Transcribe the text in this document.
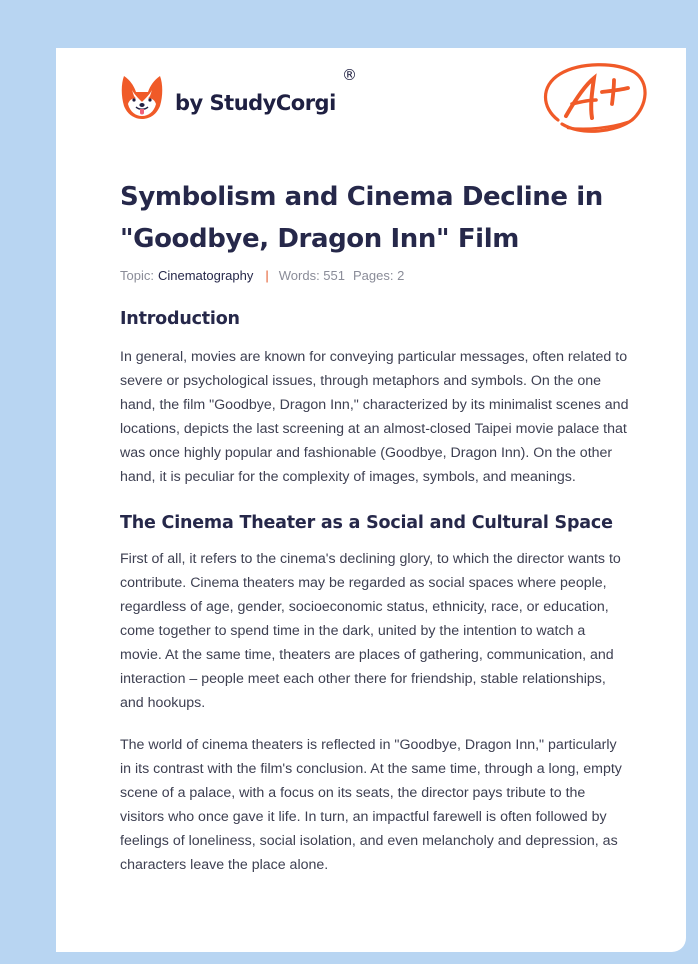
by StudyCorgi
®
Symbolism and Cinema Decline in "Goodbye, Dragon Inn" Film
Topic: Cinematography | Words: 551 Pages: 2
Introduction

In general, movies are known for conveying particular messages, often related to severe or psychological issues, through metaphors and symbols. On the one hand, the film "Goodbye, Dragon Inn," characterized by its minimalist scenes and locations, depicts the last screening at an almost-closed Taipei movie palace that was once highly popular and fashionable (Goodbye, Dragon Inn). On the other hand, it is peculiar for the complexity of images, symbols, and meanings.

The Cinema Theater as a Social and Cultural Space

First of all, it refers to the cinema's declining glory, to which the director wants to contribute. Cinema theaters may be regarded as social spaces where people, regardless of age, gender, socioeconomic status, ethnicity, race, or education, come together to spend time in the dark, united by the intention to watch a movie. At the same time, theaters are places of gathering, communication, and interaction – people meet each other there for friendship, stable relationships, and hookups.

The world of cinema theaters is reflected in "Goodbye, Dragon Inn," particularly in its contrast with the film's conclusion. At the same time, through a long, empty scene of a palace, with a focus on its seats, the director pays tribute to the visitors who once gave it life. In turn, an impactful farewell is often followed by feelings of loneliness, social isolation, and even melancholy and depression, as characters leave the place alone.
